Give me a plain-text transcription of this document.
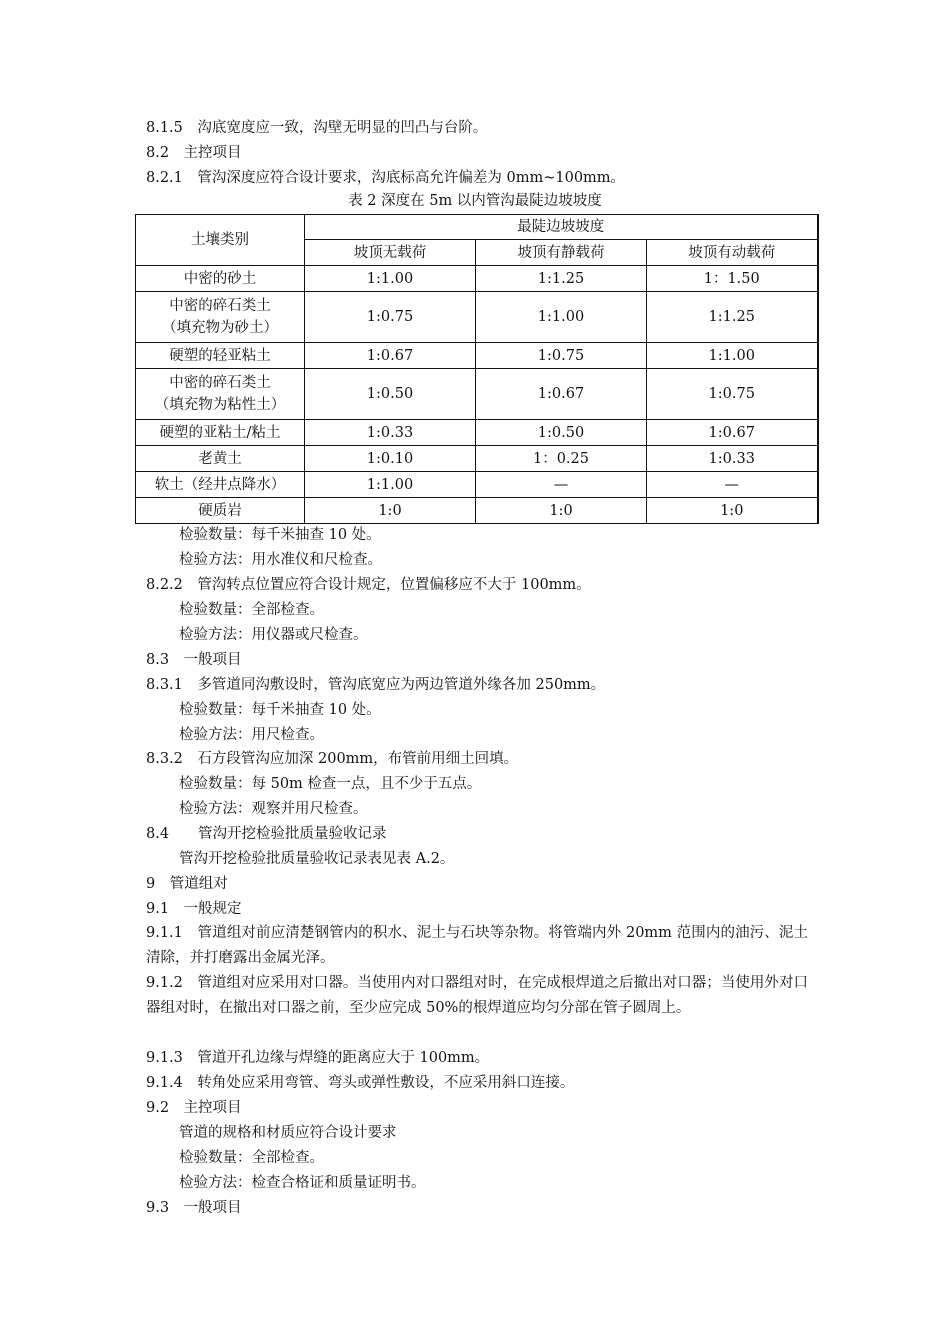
8.1.5　沟底宽度应一致，沟壁无明显的凹凸与台阶。
8.2　主控项目
8.2.1　管沟深度应符合设计要求，沟底标高允许偏差为 0mm~100mm。
表 2 深度在 5m 以内管沟最陡边坡坡度
土壤类别	最陡边坡坡度		
	坡顶无载荷	坡顶有静载荷	坡顶有动载荷
中密的砂土	1:1.00	1:1.25	1：1.50

中密的碎石类土
（填充物为砂土）	1:0.75	1:1.00	1:1.25
硬塑的轻亚粘土	1:0.67	1:0.75	1:1.00

中密的碎石类土
（填充物为粘性土）	1:0.50	1:0.67	1:0.75
硬塑的亚粘土/粘土	1:0.33	1:0.50	1:0.67
老黄土	1:0.10	1：0.25	1:0.33
软土（经井点降水）	1:1.00	—	—
硬质岩	1:0	1:0	1:0
检验数量：每千米抽查 10 处。
检验方法：用水准仪和尺检查。
8.2.2　管沟转点位置应符合设计规定，位置偏移应不大于 100mm。
检验数量：全部检查。
检验方法：用仪器或尺检查。
8.3　一般项目
8.3.1　多管道同沟敷设时，管沟底宽应为两边管道外缘各加 250mm。
检验数量：每千米抽查 10 处。
检验方法：用尺检查。
8.3.2　石方段管沟应加深 200mm，布管前用细土回填。
检验数量：每 50m 检查一点，且不少于五点。
检验方法：观察并用尺检查。
8.4　　管沟开挖检验批质量验收记录
管沟开挖检验批质量验收记录表见表 A.2。
9　管道组对
9.1　一般规定
9.1.1　管道组对前应清楚钢管内的积水、泥土与石块等杂物。将管端内外 20mm 范围内的油污、泥土清除，并打磨露出金属光泽。
9.1.2　管道组对应采用对口器。当使用内对口器组对时，在完成根焊道之后撤出对口器；当使用外对口器组对时，在撤出对口器之前，至少应完成 50%的根焊道应均匀分部在管子圆周上。
9.1.3　管道开孔边缘与焊缝的距离应大于 100mm。
9.1.4　转角处应采用弯管、弯头或弹性敷设，不应采用斜口连接。
9.2　主控项目
管道的规格和材质应符合设计要求
检验数量：全部检查。
检验方法：检查合格证和质量证明书。
9.3　一般项目
